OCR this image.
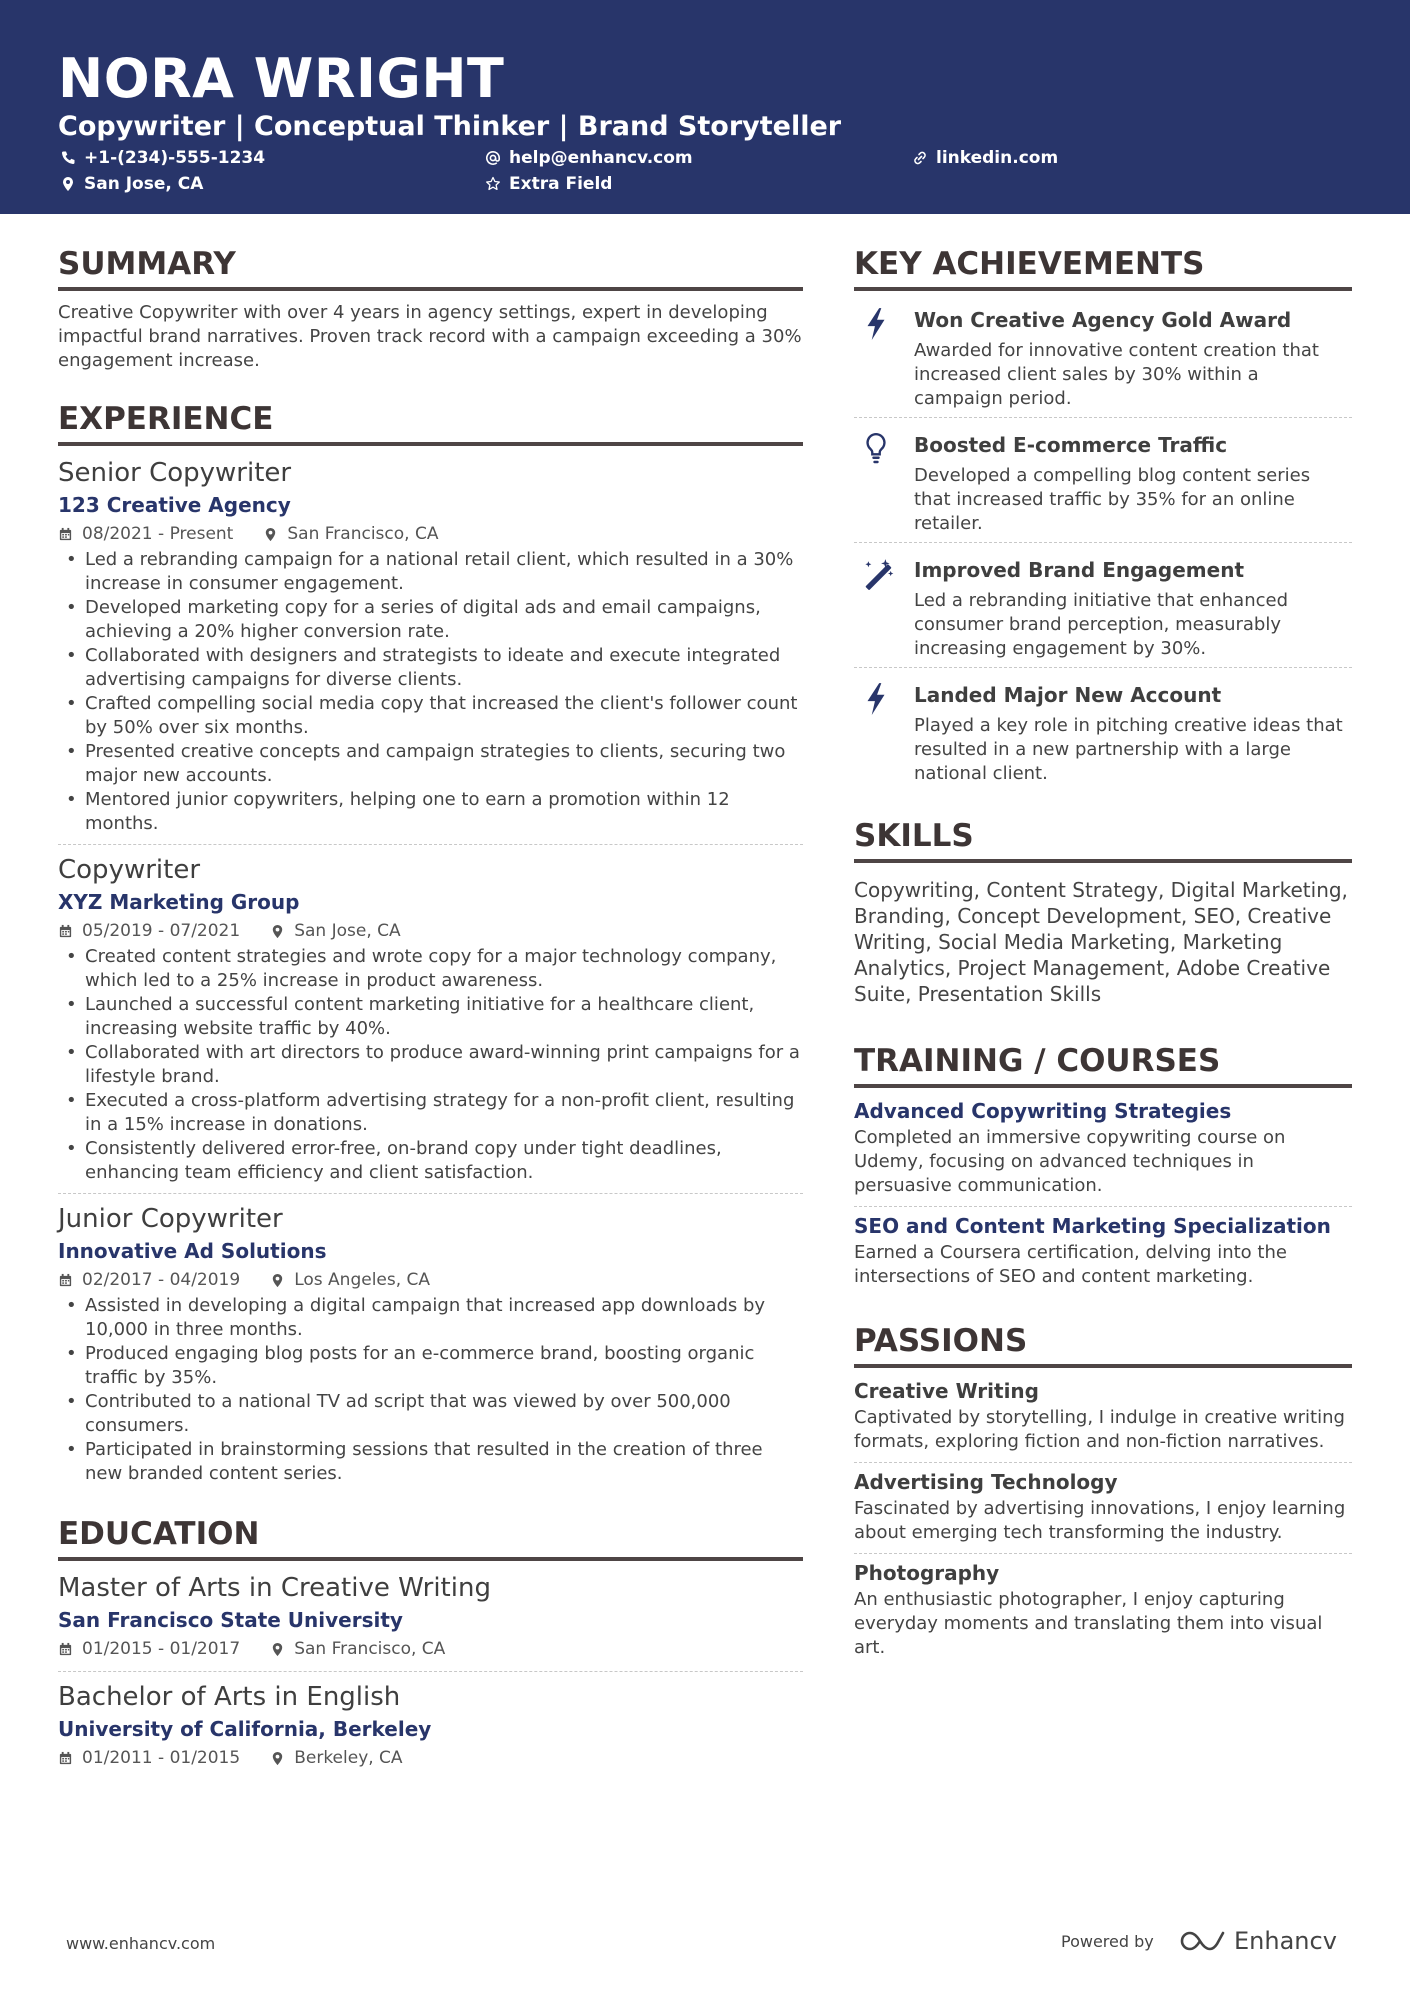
NORA WRIGHT
Copywriter | Conceptual Thinker | Brand Storyteller
+1-(234)-555-1234	help@enhancv.com	linkedin.com
San Jose, CA	Extra Field
SUMMARY

Creative Copywriter with over 4 years in agency settings, expert in developing impactful brand narratives. Proven track record with a campaign exceeding a 30% engagement increase.

EXPERIENCE
Senior Copywriter
123 Creative Agency
08/2021 - Present	San Francisco, CA
• Led a rebranding campaign for a national retail client, which resulted in a 30% increase in consumer engagement.
• Developed marketing copy for a series of digital ads and email campaigns, achieving a 20% higher conversion rate.
• Collaborated with designers and strategists to ideate and execute integrated advertising campaigns for diverse clients.
• Crafted compelling social media copy that increased the client's follower count by 50% over six months.
• Presented creative concepts and campaign strategies to clients, securing two major new accounts.
• Mentored junior copywriters, helping one to earn a promotion within 12 months.
Copywriter
XYZ Marketing Group
05/2019 - 07/2021	San Jose, CA
• Created content strategies and wrote copy for a major technology company, which led to a 25% increase in product awareness.
• Launched a successful content marketing initiative for a healthcare client, increasing website traffic by 40%.
• Collaborated with art directors to produce award-winning print campaigns for a lifestyle brand.
• Executed a cross-platform advertising strategy for a non-profit client, resulting in a 15% increase in donations.
• Consistently delivered error-free, on-brand copy under tight deadlines, enhancing team efficiency and client satisfaction.
Junior Copywriter
Innovative Ad Solutions
02/2017 - 04/2019	Los Angeles, CA
• Assisted in developing a digital campaign that increased app downloads by 10,000 in three months.
• Produced engaging blog posts for an e-commerce brand, boosting organic traffic by 35%.
• Contributed to a national TV ad script that was viewed by over 500,000 consumers.
• Participated in brainstorming sessions that resulted in the creation of three new branded content series.
EDUCATION
Master of Arts in Creative Writing
San Francisco State University
01/2015 - 01/2017	San Francisco, CA
Bachelor of Arts in English
University of California, Berkeley
01/2011 - 01/2015	Berkeley, CA
KEY ACHIEVEMENTS
Won Creative Agency Gold Award

Awarded for innovative content creation that increased client sales by 30% within a campaign period.

Boosted E-commerce Traffic

Developed a compelling blog content series that increased traffic by 35% for an online retailer.

Improved Brand Engagement

Led a rebranding initiative that enhanced consumer brand perception, measurably increasing engagement by 30%.

Landed Major New Account

Played a key role in pitching creative ideas that resulted in a new partnership with a large national client.

SKILLS

Copywriting, Content Strategy, Digital Marketing, Branding, Concept Development, SEO, Creative Writing, Social Media Marketing, Marketing Analytics, Project Management, Adobe Creative Suite, Presentation Skills

TRAINING / COURSES
Advanced Copywriting Strategies

Completed an immersive copywriting course on Udemy, focusing on advanced techniques in persuasive communication.

SEO and Content Marketing Specialization

Earned a Coursera certification, delving into the intersections of SEO and content marketing.

PASSIONS
Creative Writing

Captivated by storytelling, I indulge in creative writing formats, exploring fiction and non-fiction narratives.

Advertising Technology

Fascinated by advertising innovations, I enjoy learning about emerging tech transforming the industry.

Photography

An enthusiastic photographer, I enjoy capturing everyday moments and translating them into visual art.

www.enhancv.com	Powered by	Enhancv
